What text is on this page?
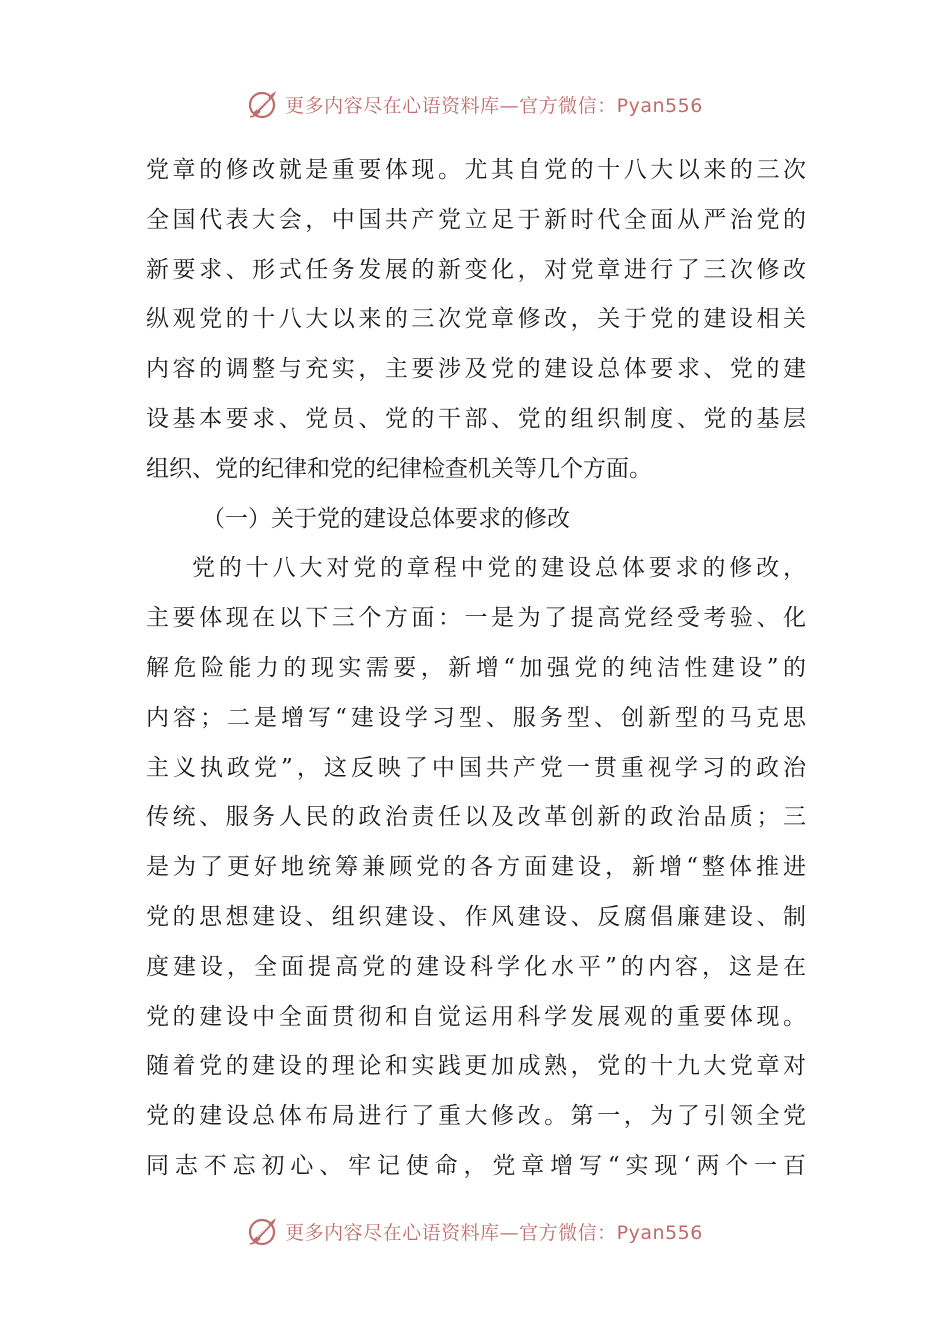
更多内容尽在心语资料库—官方微信：Pyan556
党章的修改就是重要体现。尤其自党的十八大以来的三次
全国代表大会，中国共产党立足于新时代全面从严治党的
新要求、形式任务发展的新变化，对党章进行了三次修改
纵观党的十八大以来的三次党章修改，关于党的建设相关
内容的调整与充实，主要涉及党的建设总体要求、党的建
设基本要求、党员、党的干部、党的组织制度、党的基层
组织、党的纪律和党的纪律检查机关等几个方面。
（一）关于党的建设总体要求的修改
党的十八大对党的章程中党的建设总体要求的修改，
主要体现在以下三个方面：一是为了提高党经受考验、化
解危险能力的现实需要，新增“加强党的纯洁性建设”的
内容；二是增写“建设学习型、服务型、创新型的马克思
主义执政党”，这反映了中国共产党一贯重视学习的政治
传统、服务人民的政治责任以及改革创新的政治品质；三
是为了更好地统筹兼顾党的各方面建设，新增“整体推进
党的思想建设、组织建设、作风建设、反腐倡廉建设、制
度建设，全面提高党的建设科学化水平”的内容，这是在
党的建设中全面贯彻和自觉运用科学发展观的重要体现。
随着党的建设的理论和实践更加成熟，党的十九大党章对
党的建设总体布局进行了重大修改。第一，为了引领全党
同志不忘初心、牢记使命，党章增写“实现‘两个一百
更多内容尽在心语资料库—官方微信：Pyan556
